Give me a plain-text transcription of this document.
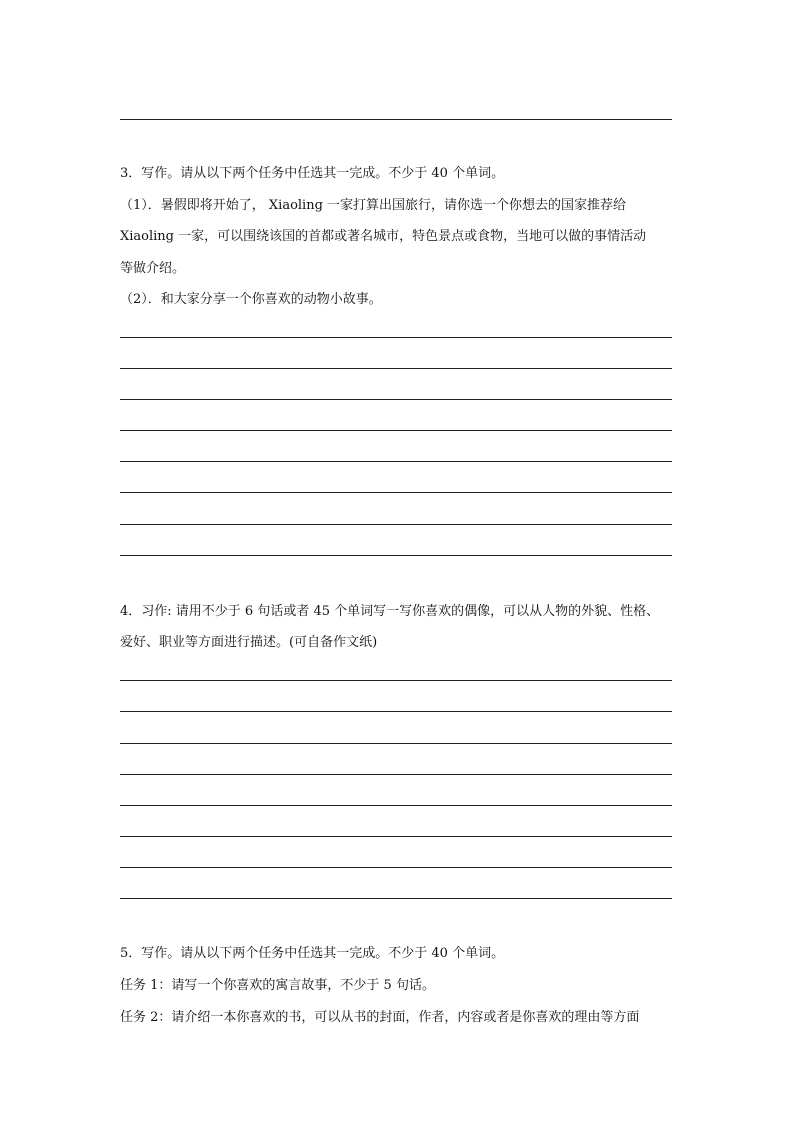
3．写作。请从以下两个任务中任选其一完成。不少于 40 个单词。
（1）．暑假即将开始了， Xiaoling 一家打算出国旅行，请你选一个你想去的国家推荐给
Xiaoling 一家，可以围绕该国的首都或著名城市，特色景点或食物，当地可以做的事情活动
等做介绍。
（2）．和大家分享一个你喜欢的动物小故事。
4．习作: 请用不少于 6 句话或者 45 个单词写一写你喜欢的偶像，可以从人物的外貌、性格、
爱好、职业等方面进行描述。(可自备作文纸)
5．写作。请从以下两个任务中任选其一完成。不少于 40 个单词。
任务 1：请写一个你喜欢的寓言故事，不少于 5 句话。
任务 2：请介绍一本你喜欢的书，可以从书的封面，作者，内容或者是你喜欢的理由等方面
